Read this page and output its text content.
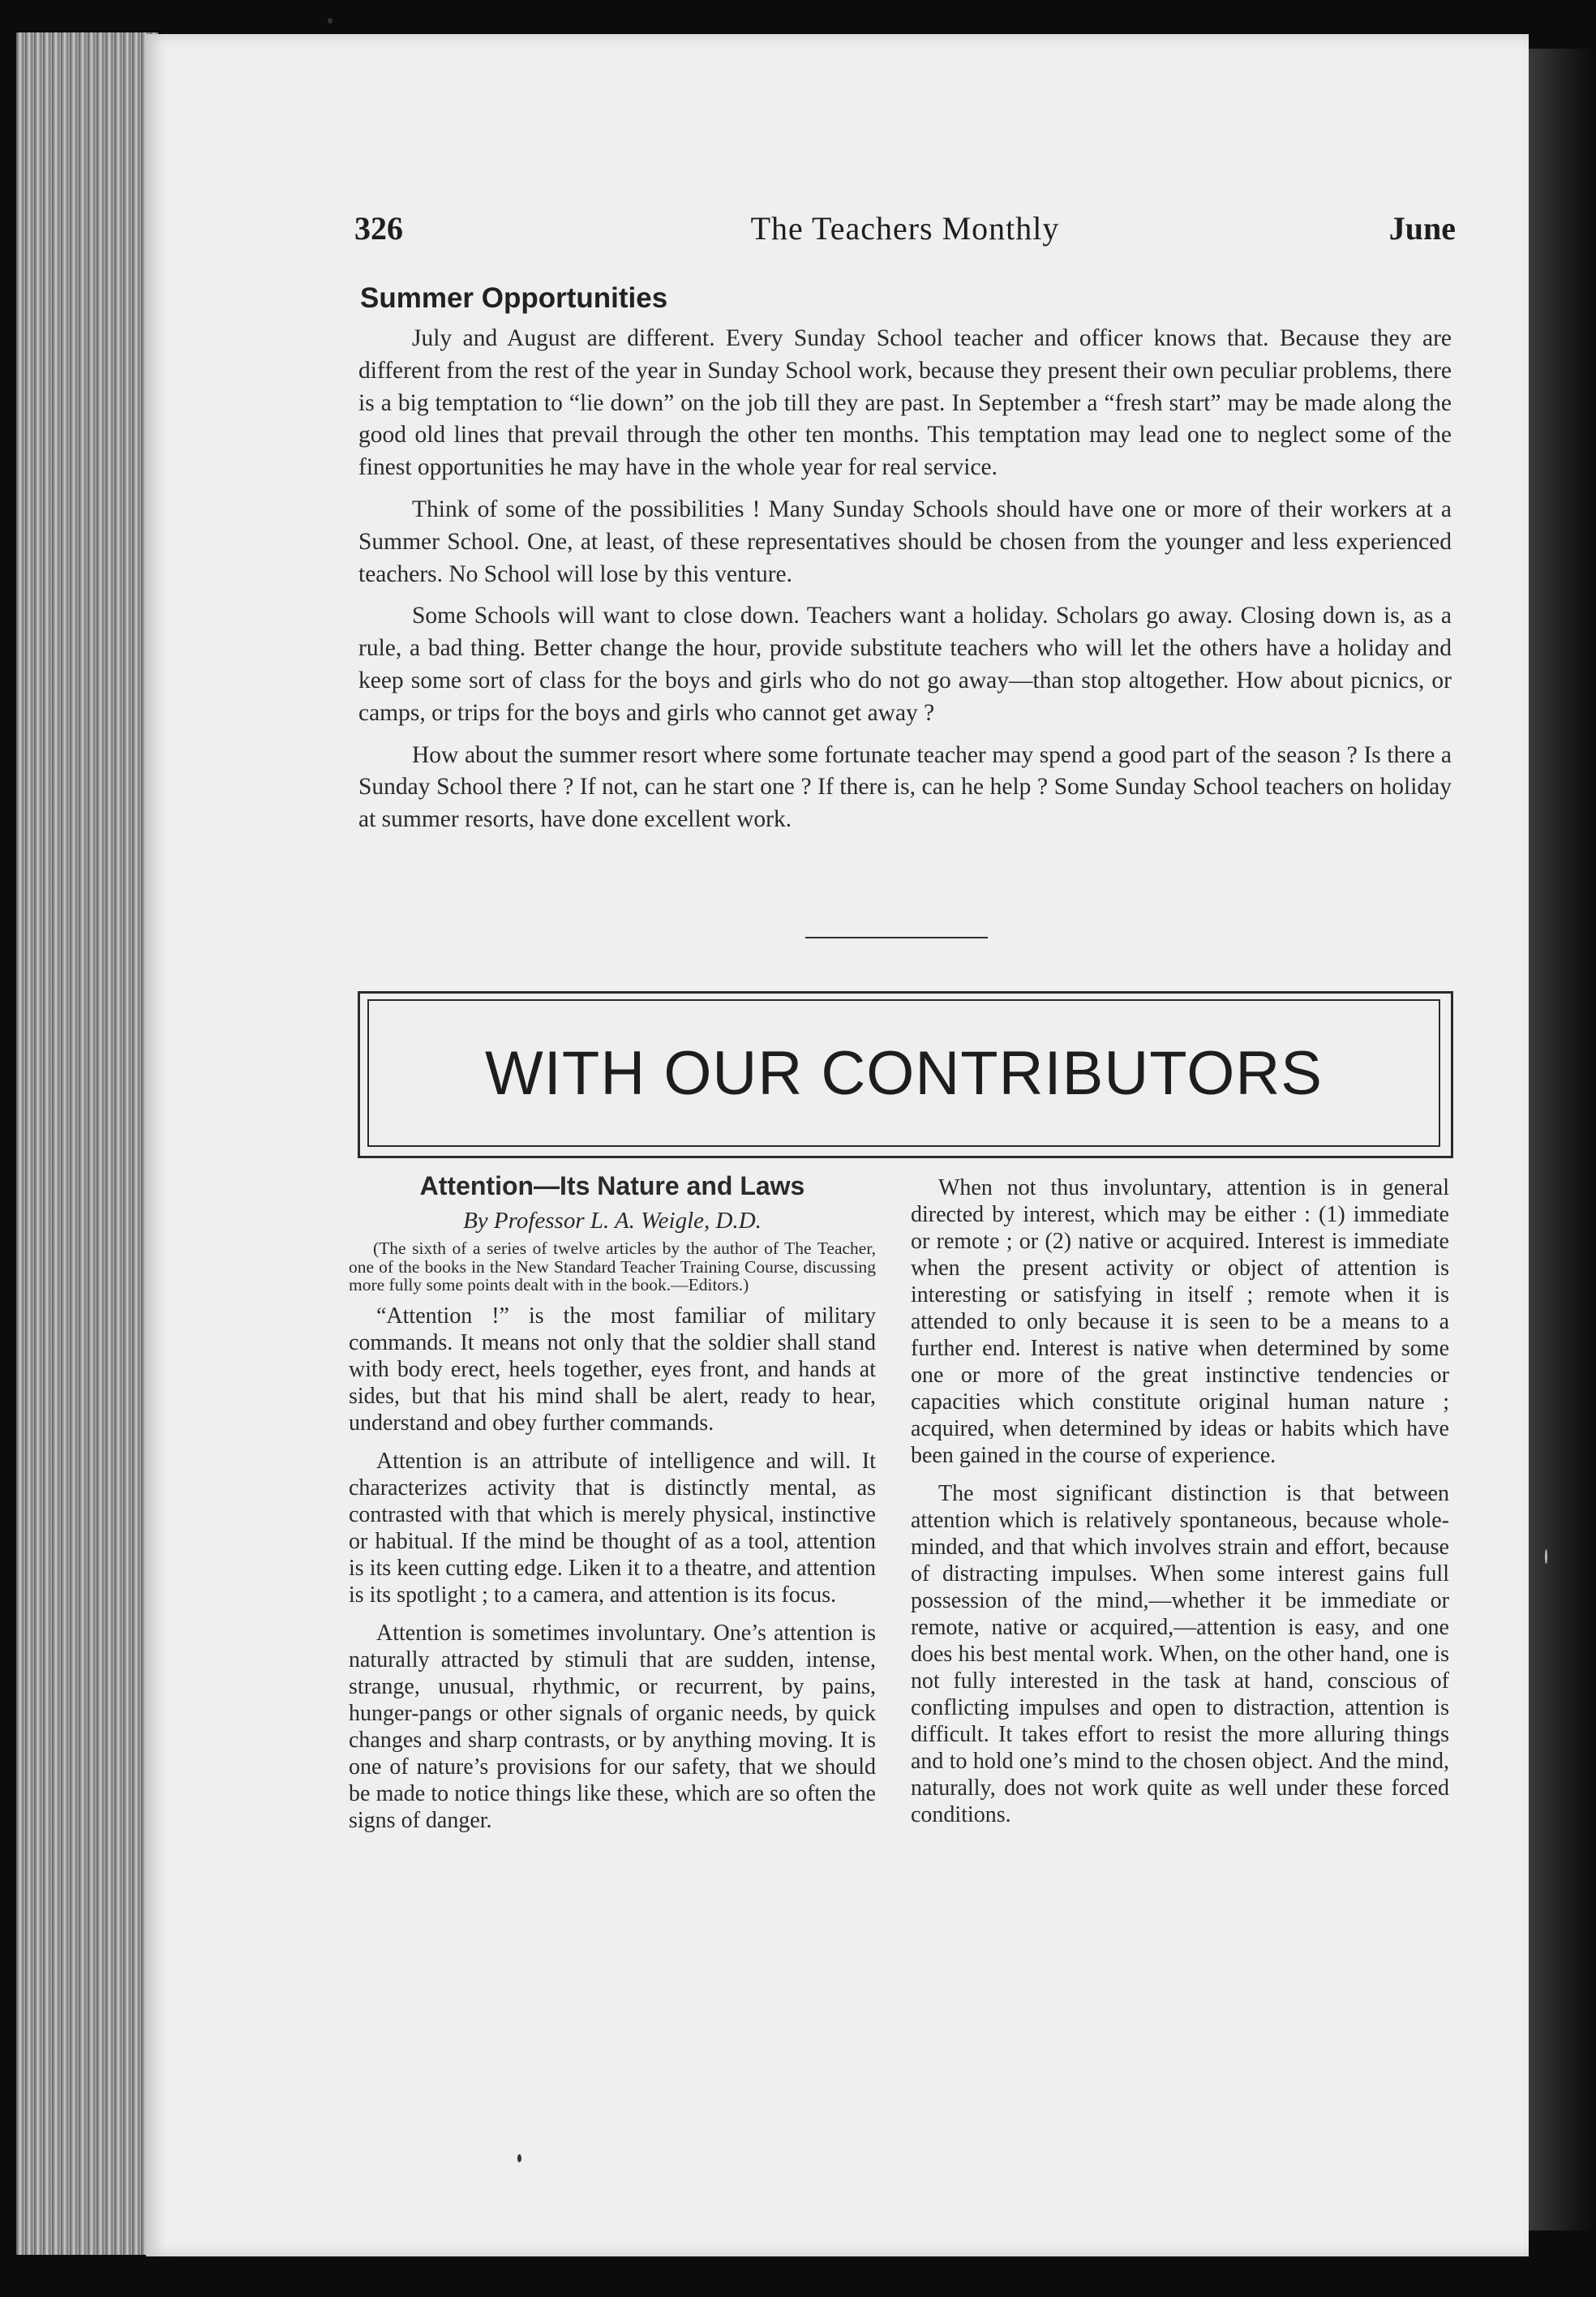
326	The Teachers Monthly	June
Summer Opportunities

July and August are different. Every Sunday School teacher and officer knows that. Because they are different from the rest of the year in Sunday School work, because they present their own peculiar problems, there is a big temptation to “lie down” on the job till they are past. In September a “fresh start” may be made along the good old lines that prevail through the other ten months. This temptation may lead one to neglect some of the finest opportunities he may have in the whole year for real service.

Think of some of the possibilities ! Many Sunday Schools should have one or more of their workers at a Summer School. One, at least, of these representatives should be chosen from the younger and less experienced teachers. No School will lose by this venture.

Some Schools will want to close down. Teachers want a holiday. Scholars go away. Closing down is, as a rule, a bad thing. Better change the hour, provide substitute teachers who will let the others have a holiday and keep some sort of class for the boys and girls who do not go away—than stop altogether. How about picnics, or camps, or trips for the boys and girls who cannot get away ?

How about the summer resort where some fortunate teacher may spend a good part of the season ? Is there a Sunday School there ? If not, can he start one ? If there is, can he help ? Some Sunday School teachers on holiday at summer resorts, have done excellent work.

WITH OUR CONTRIBUTORS
Attention—Its Nature and Laws
By Professor L. A. Weigle, D.D.

(The sixth of a series of twelve articles by the author of The Teacher, one of the books in the New Standard Teacher Training Course, discussing more fully some points dealt with in the book.—Editors.)

“Attention !” is the most familiar of military commands. It means not only that the soldier shall stand with body erect, heels together, eyes front, and hands at sides, but that his mind shall be alert, ready to hear, understand and obey further commands.

Attention is an attribute of intelligence and will. It characterizes activity that is distinctly mental, as contrasted with that which is merely physical, instinctive or habitual. If the mind be thought of as a tool, attention is its keen cutting edge. Liken it to a theatre, and attention is its spotlight ; to a camera, and attention is its focus.

Attention is sometimes involuntary. One’s attention is naturally attracted by stimuli that are sudden, intense, strange, unusual, rhythmic, or recurrent, by pains, hunger-pangs or other signals of organic needs, by quick changes and sharp contrasts, or by anything moving. It is one of nature’s provisions for our safety, that we should be made to notice things like these, which are so often the signs of danger.

When not thus involuntary, attention is in general directed by interest, which may be either : (1) immediate or remote ; or (2) native or acquired. Interest is immediate when the present activity or object of attention is interesting or satisfying in itself ; remote when it is attended to only because it is seen to be a means to a further end. Interest is native when determined by some one or more of the great instinctive tendencies or capacities which constitute original human nature ; acquired, when determined by ideas or habits which have been gained in the course of experience.

The most significant distinction is that between attention which is relatively spontaneous, because whole-minded, and that which involves strain and effort, because of distracting impulses. When some interest gains full possession of the mind,—whether it be immediate or remote, native or acquired,—attention is easy, and one does his best mental work. When, on the other hand, one is not fully interested in the task at hand, conscious of conflicting impulses and open to distraction, attention is difficult. It takes effort to resist the more alluring things and to hold one’s mind to the chosen object. And the mind, naturally, does not work quite as well under these forced conditions.
